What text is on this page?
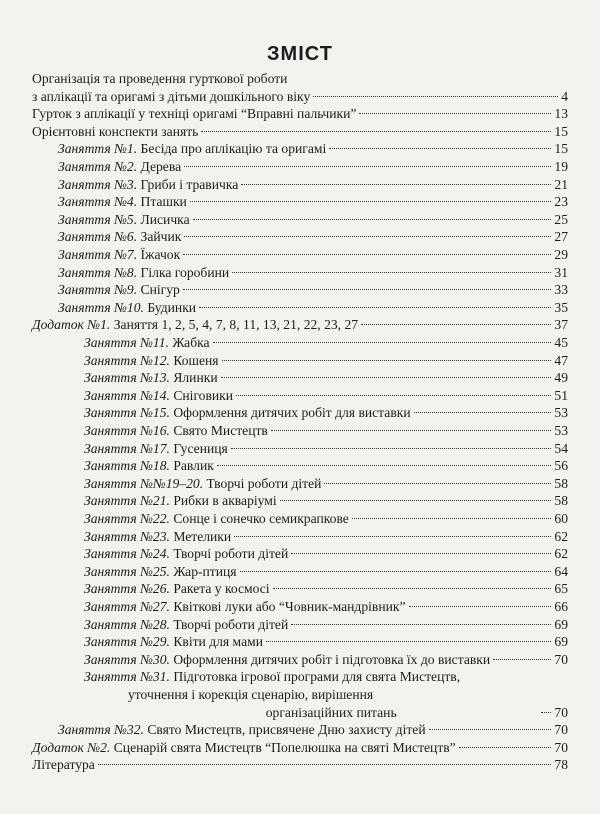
ЗМІСТ
Організація та проведення гурткової роботи
з аплікації та оригамі з дітьми дошкільного віку	4
Гурток з аплікації у техніці оригамі “Вправні пальчики”	13
Орієнтовні конспекти занять	15
Заняття №1. Бесіда про аплікацію та оригамі	15
Заняття №2. Дерева	19
Заняття №3. Гриби і травичка	21
Заняття №4. Пташки	23
Заняття №5. Лисичка	25
Заняття №6. Зайчик	27
Заняття №7. Їжачок	29
Заняття №8. Гілка горобини	31
Заняття №9. Снігур	33
Заняття №10. Будинки	35
Додаток №1. Заняття 1, 2, 5, 4, 7, 8, 11, 13, 21, 22, 23, 27	37
Заняття №11. Жабка	45
Заняття №12. Кошеня	47
Заняття №13. Ялинки	49
Заняття №14. Сніговики	51
Заняття №15. Оформлення дитячих робіт для виставки	53
Заняття №16. Свято Мистецтв	53
Заняття №17. Гусениця	54
Заняття №18. Равлик	56
Заняття №№19–20. Творчі роботи дітей	58
Заняття №21. Рибки в акваріумі	58
Заняття №22. Сонце і сонечко семикрапкове	60
Заняття №23. Метелики	62
Заняття №24. Творчі роботи дітей	62
Заняття №25. Жар-птиця	64
Заняття №26. Ракета у космосі	65
Заняття №27. Квіткові луки або “Човник-мандрівник”	66
Заняття №28. Творчі роботи дітей	69
Заняття №29. Квіти для мами	69
Заняття №30. Оформлення дитячих робіт і підготовка їх до виставки	70
Заняття №31. Підготовка ігрової програми для свята Мистецтв,
уточнення і корекція сценарію, вирішення
організаційних питань	70
Заняття №32. Свято Мистецтв, присвячене Дню захисту дітей	70
Додаток №2. Сценарій свята Мистецтв “Попелюшка на святі Мистецтв”	70
Література	78
